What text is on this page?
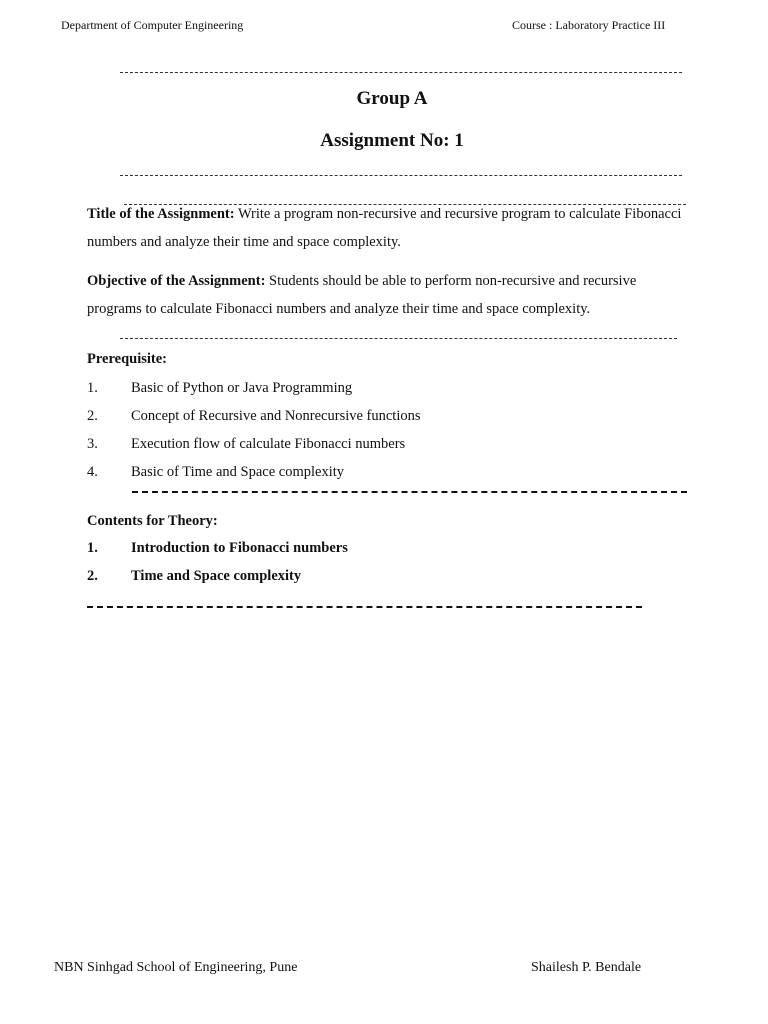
Department of Computer Engineering	Course : Laboratory Practice III
Group A
Assignment No: 1
Title of the Assignment: Write a program non-recursive and recursive program to calculate Fibonacci numbers and analyze their time and space complexity.
Objective of the Assignment: Students should be able to perform non-recursive and recursive programs to calculate Fibonacci numbers and analyze their time and space complexity.
Prerequisite:
1. Basic of Python or Java Programming
2. Concept of Recursive and Nonrecursive functions
3. Execution flow of calculate Fibonacci numbers
4. Basic of Time and Space complexity
Contents for Theory:
1. Introduction to Fibonacci numbers
2. Time and Space complexity
NBN Sinhgad School of Engineering, Pune	Shailesh P. Bendale
